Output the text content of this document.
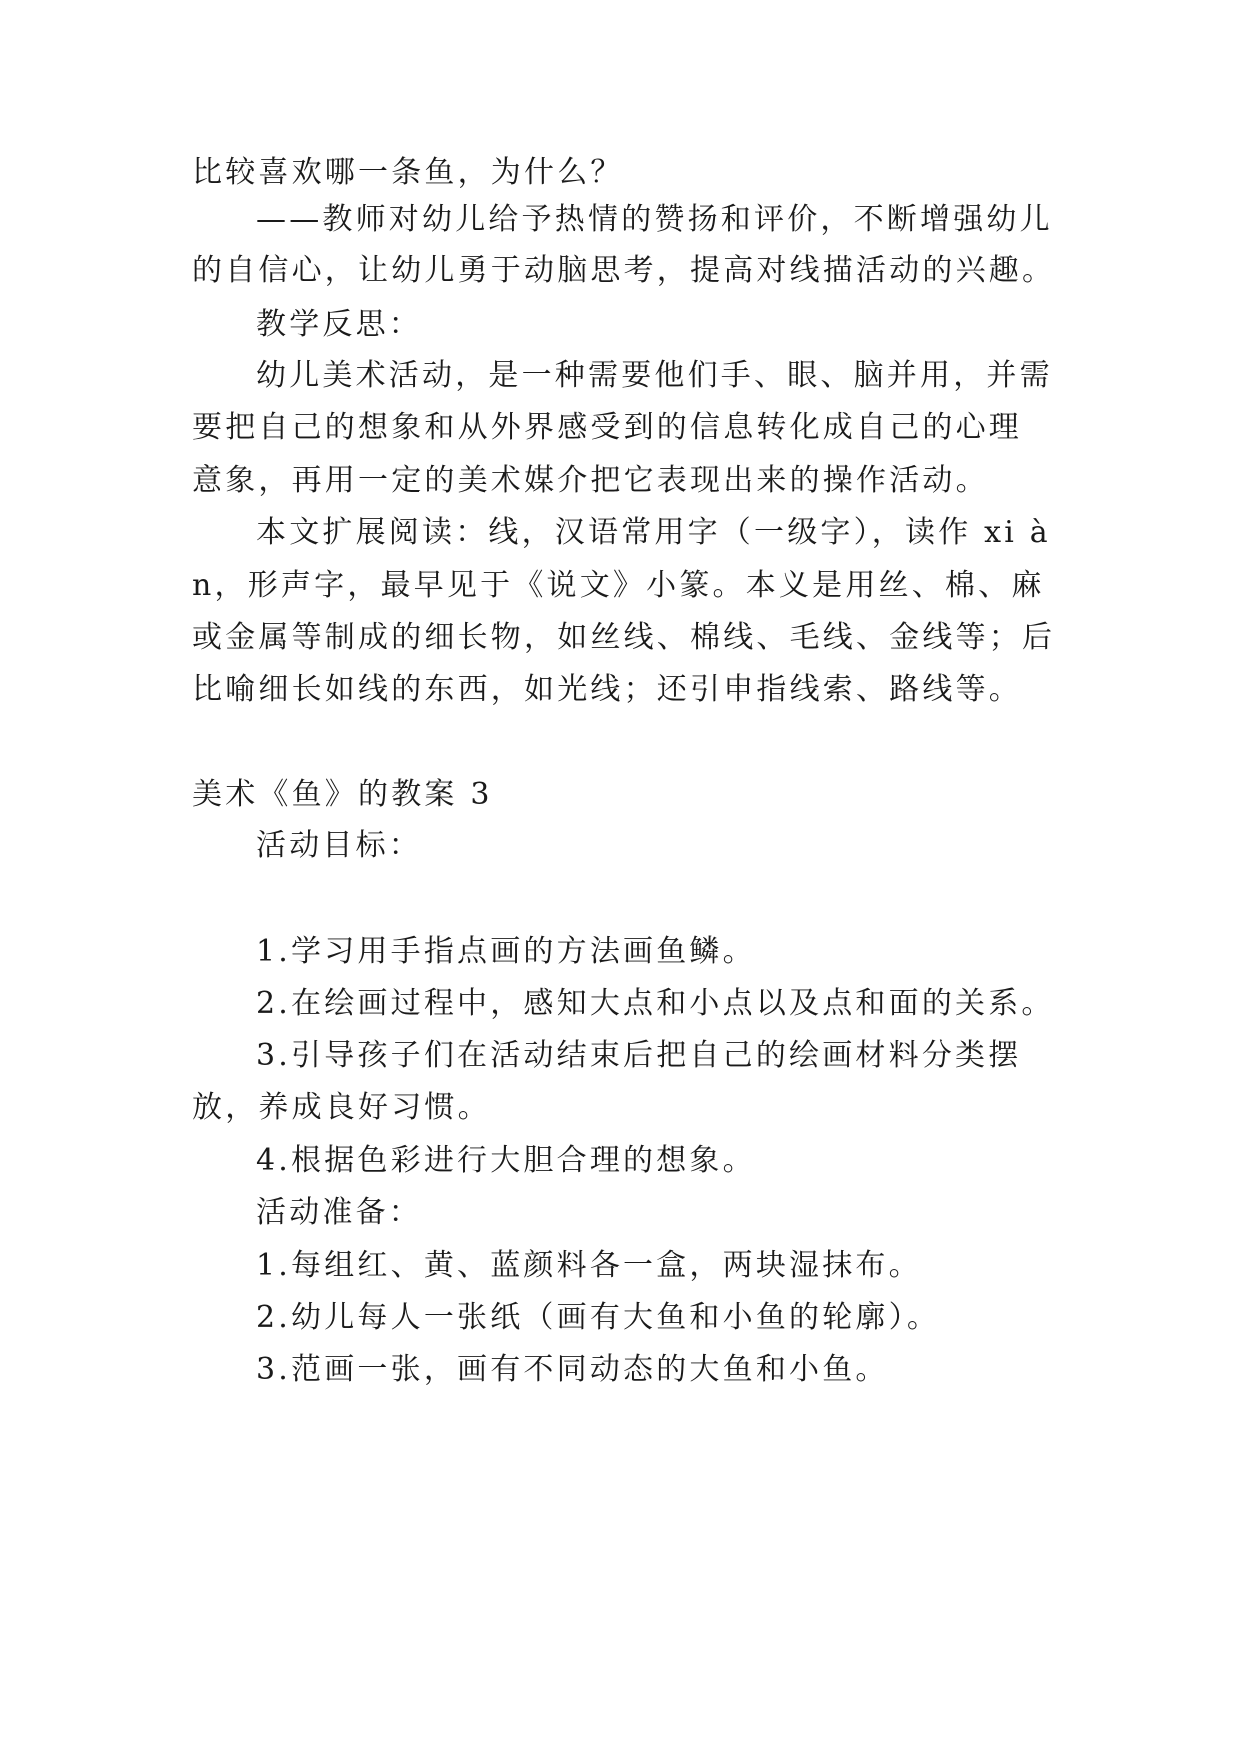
比较喜欢哪一条鱼，为什么？
——教师对幼儿给予热情的赞扬和评价，不断增强幼儿
的自信心，让幼儿勇于动脑思考，提高对线描活动的兴趣。
教学反思：
幼儿美术活动，是一种需要他们手、眼、脑并用，并需
要把自己的想象和从外界感受到的信息转化成自己的心理
意象，再用一定的美术媒介把它表现出来的操作活动。
本文扩展阅读：线，汉语常用字（一级字），读作 xi à
n，形声字，最早见于《说文》小篆。本义是用丝、棉、麻
或金属等制成的细长物，如丝线、棉线、毛线、金线等；后
比喻细长如线的东西，如光线；还引申指线索、路线等。
美术《鱼》的教案 3
活动目标：
1.学习用手指点画的方法画鱼鳞。
2.在绘画过程中，感知大点和小点以及点和面的关系。
3.引导孩子们在活动结束后把自己的绘画材料分类摆
放，养成良好习惯。
4.根据色彩进行大胆合理的想象。
活动准备：
1.每组红、黄、蓝颜料各一盒，两块湿抹布。
2.幼儿每人一张纸（画有大鱼和小鱼的轮廓）。
3.范画一张，画有不同动态的大鱼和小鱼。
